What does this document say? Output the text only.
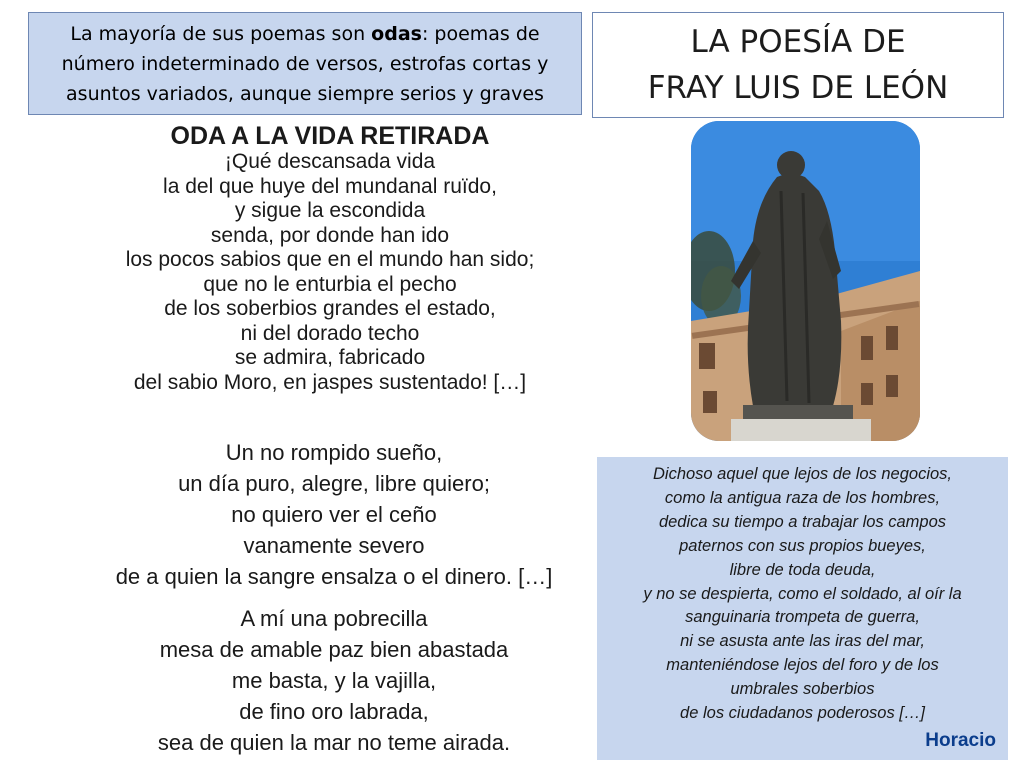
La mayoría de sus poemas son odas: poemas de número indeterminado de versos, estrofas cortas y asuntos variados, aunque siempre serios y graves
LA POESÍA DE
FRAY LUIS DE LEÓN
ODA A LA VIDA RETIRADA
¡Qué descansada vida
la del que huye del mundanal ruïdo,
y sigue la escondida
senda, por donde han ido
los pocos sabios que en el mundo han sido;
que no le enturbia el pecho
de los soberbios grandes el estado,
ni del dorado techo
se admira, fabricado
del sabio Moro, en jaspes sustentado! […]
Un no rompido sueño,
un día puro, alegre, libre quiero;
no quiero ver el ceño
vanamente severo
de a quien la sangre ensalza o el dinero. […]
A mí una pobrecilla
mesa de amable paz bien abastada
me basta, y la vajilla,
de fino oro labrada,
sea de quien la mar no teme airada.
Dichoso aquel que lejos de los negocios,
como la antigua raza de los hombres,
dedica su tiempo a trabajar los campos
paternos con sus propios bueyes,
libre de toda deuda,
y no se despierta, como el soldado, al oír la
sanguinaria trompeta de guerra,
ni se asusta ante las iras del mar,
manteniéndose lejos del foro y de los
umbrales soberbios
de los ciudadanos poderosos […]
Horacio
